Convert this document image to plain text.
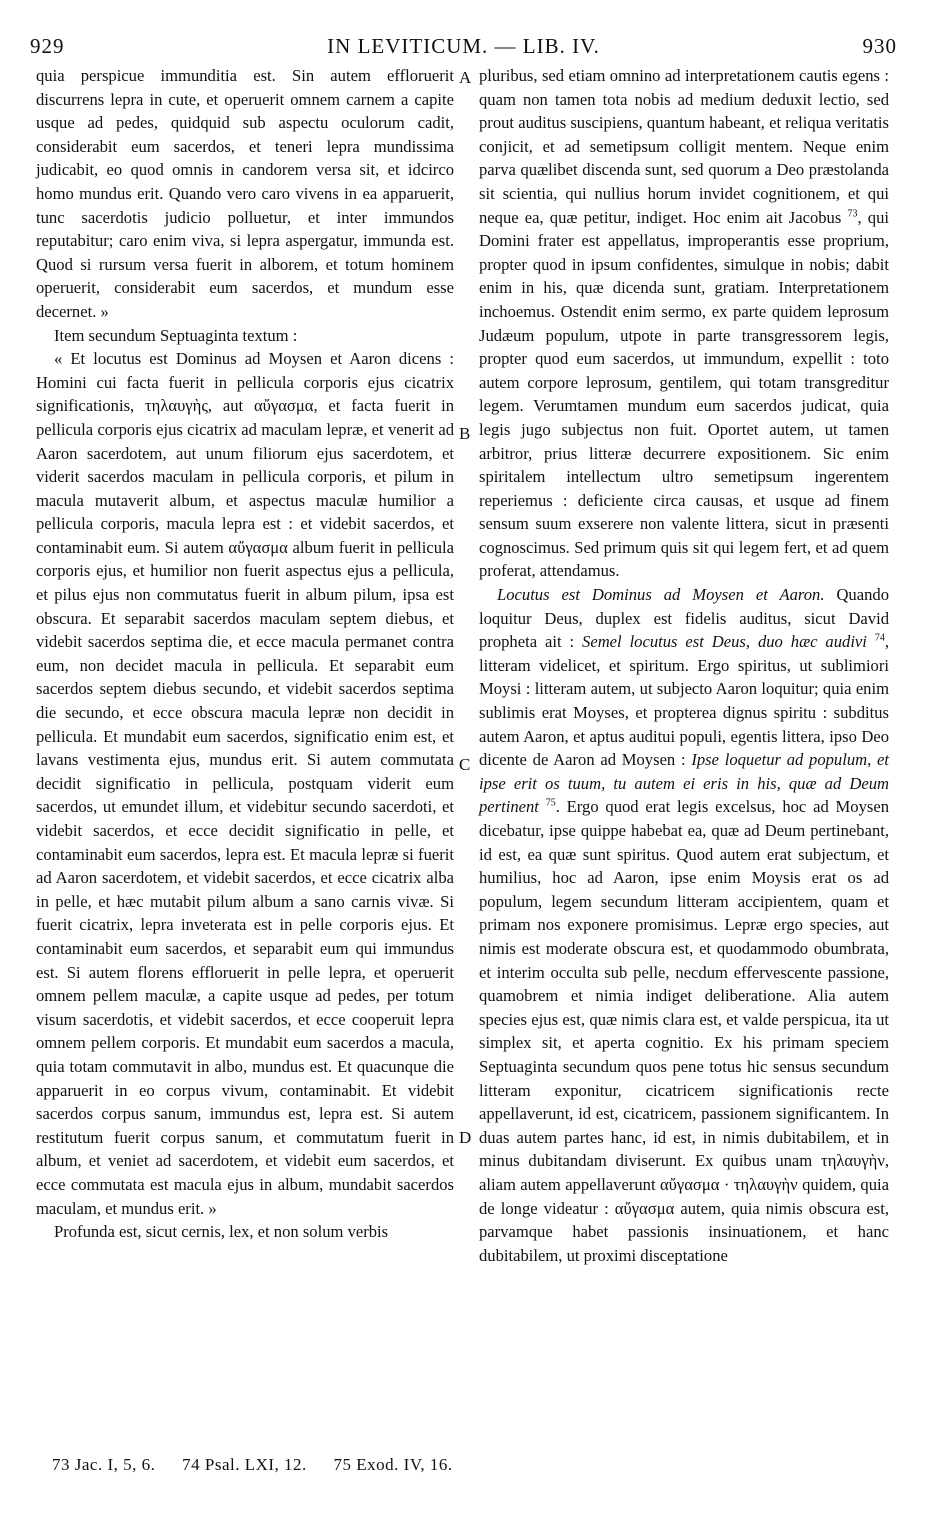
929	IN LEVITICUM. — LIB. IV.	930

quia perspicue immunditia est. Sin autem effloruerit discurrens lepra in cute, et operuerit omnem carnem a capite usque ad pedes, quidquid sub aspectu oculorum cadit, considerabit eum sacerdos, et teneri lepra mundissima judicabit, eo quod omnis in candorem versa sit, et idcirco homo mundus erit. Quando vero caro vivens in ea apparuerit, tunc sacerdotis judicio polluetur, et inter immundos reputabitur; caro enim viva, si lepra aspergatur, immunda est. Quod si rursum versa fuerit in alborem, et totum hominem operuerit, considerabit eum sacerdos, et mundum esse decernet. »

Item secundum Septuaginta textum :

« Et locutus est Dominus ad Moysen et Aaron dicens : Homini cui facta fuerit in pellicula corporis ejus cicatrix significationis, τηλαυγὴς, aut αὔγασμα, et facta fuerit in pellicula corporis ejus cicatrix ad maculam lepræ, et venerit ad Aaron sacerdotem, aut unum filiorum ejus sacerdotem, et viderit sacerdos maculam in pellicula corporis, et pilum in macula mutaverit album, et aspectus maculæ humilior a pellicula corporis, macula lepra est : et videbit sacerdos, et contaminabit eum. Si autem αὔγασμα album fuerit in pellicula corporis ejus, et humilior non fuerit aspectus ejus a pellicula, et pilus ejus non commutatus fuerit in album pilum, ipsa est obscura. Et separabit sacerdos maculam septem diebus, et videbit sacerdos septima die, et ecce macula permanet contra eum, non decidet macula in pellicula. Et separabit eum sacerdos septem diebus secundo, et videbit sacerdos septima die secundo, et ecce obscura macula lepræ non decidit in pellicula. Et mundabit eum sacerdos, significatio enim est, et lavans vestimenta ejus, mundus erit. Si autem commutata decidit significatio in pellicula, postquam viderit eum sacerdos, ut emundet illum, et videbitur secundo sacerdoti, et videbit sacerdos, et ecce decidit significatio in pelle, et contaminabit eum sacerdos, lepra est. Et macula lepræ si fuerit ad Aaron sacerdotem, et videbit sacerdos, et ecce cicatrix alba in pelle, et hæc mutabit pilum album a sano carnis vivæ. Si fuerit cicatrix, lepra inveterata est in pelle corporis ejus. Et contaminabit eum sacerdos, et separabit eum qui immundus est. Si autem florens effloruerit in pelle lepra, et operuerit omnem pellem maculæ, a capite usque ad pedes, per totum visum sacerdotis, et videbit sacerdos, et ecce cooperuit lepra omnem pellem corporis. Et mundabit eum sacerdos a macula, quia totam commutavit in albo, mundus est. Et quacunque die apparuerit in eo corpus vivum, contaminabit. Et videbit sacerdos corpus sanum, immundus est, lepra est. Si autem restitutum fuerit corpus sanum, et commutatum fuerit in album, et veniet ad sacerdotem, et videbit eum sacerdos, et ecce commutata est macula ejus in album, mundabit sacerdos maculam, et mundus erit. »

Profunda est, sicut cernis, lex, et non solum verbis

A
B
C
D

pluribus, sed etiam omnino ad interpretationem cautis egens : quam non tamen tota nobis ad medium deduxit lectio, sed prout auditus suscipiens, quantum habeant, et reliqua veritatis conjicit, et ad semetipsum colligit mentem. Neque enim parva quælibet discenda sunt, sed quorum a Deo præstolanda sit scientia, qui nullius horum invidet cognitionem, et qui neque ea, quæ petitur, indiget. Hoc enim ait Jacobus $^{73}$, qui Domini frater est appellatus, improperantis esse proprium, propter quod in ipsum confidentes, simulque in nobis; dabit enim in his, quæ dicenda sunt, gratiam. Interpretationem inchoemus. Ostendit enim sermo, ex parte quidem leprosum Judæum populum, utpote in parte transgressorem legis, propter quod eum sacerdos, ut immundum, expellit : toto autem corpore leprosum, gentilem, qui totam transgreditur legem. Verumtamen mundum eum sacerdos judicat, quia legis jugo subjectus non fuit. Oportet autem, ut tamen arbitror, prius litteræ decurrere expositionem. Sic enim spiritalem intellectum ultro semetipsum ingerentem reperiemus : deficiente circa causas, et usque ad finem sensum suum exserere non valente littera, sicut in præsenti cognoscimus. Sed primum quis sit qui legem fert, et ad quem proferat, attendamus.

Locutus est Dominus ad Moysen et Aaron. Quando loquitur Deus, duplex est fidelis auditus, sicut David propheta ait : Semel locutus est Deus, duo hæc audivi $^{74}$, litteram videlicet, et spiritum. Ergo spiritus, ut sublimiori Moysi : litteram autem, ut subjecto Aaron loquitur; quia enim sublimis erat Moyses, et propterea dignus spiritu : subditus autem Aaron, et aptus auditui populi, egentis littera, ipso Deo dicente de Aaron ad Moysen : Ipse loquetur ad populum, et ipse erit os tuum, tu autem ei eris in his, quæ ad Deum pertinent $^{75}$. Ergo quod erat legis excelsus, hoc ad Moysen dicebatur, ipse quippe habebat ea, quæ ad Deum pertinebant, id est, ea quæ sunt spiritus. Quod autem erat subjectum, et humilius, hoc ad Aaron, ipse enim Moysis erat os ad populum, legem secundum litteram accipientem, quam et primam nos exponere promisimus. Lepræ ergo species, aut nimis est moderate obscura est, et quodammodo obumbrata, et interim occulta sub pelle, necdum effervescente passione, quamobrem et nimia indiget deliberatione. Alia autem species ejus est, quæ nimis clara est, et valde perspicua, ita ut simplex sit, et aperta cognitio. Ex his primam speciem Septuaginta secundum quos pene totus hic sensus secundum litteram exponitur, cicatricem significationis recte appellaverunt, id est, cicatricem, passionem significantem. In duas autem partes hanc, id est, in nimis dubitabilem, et in minus dubitandam diviserunt. Ex quibus unam τηλαυγὴν, aliam autem appellaverunt αὔγασμα · τηλαυγὴν quidem, quia de longe videatur : αὔγασμα autem, quia nimis obscura est, parvamque habet passionis insinuationem, et hanc dubitabilem, ut proximi disceptatione

73 Jac. I, 5, 6. 74 Psal. LXI, 12. 75 Exod. IV, 16.
